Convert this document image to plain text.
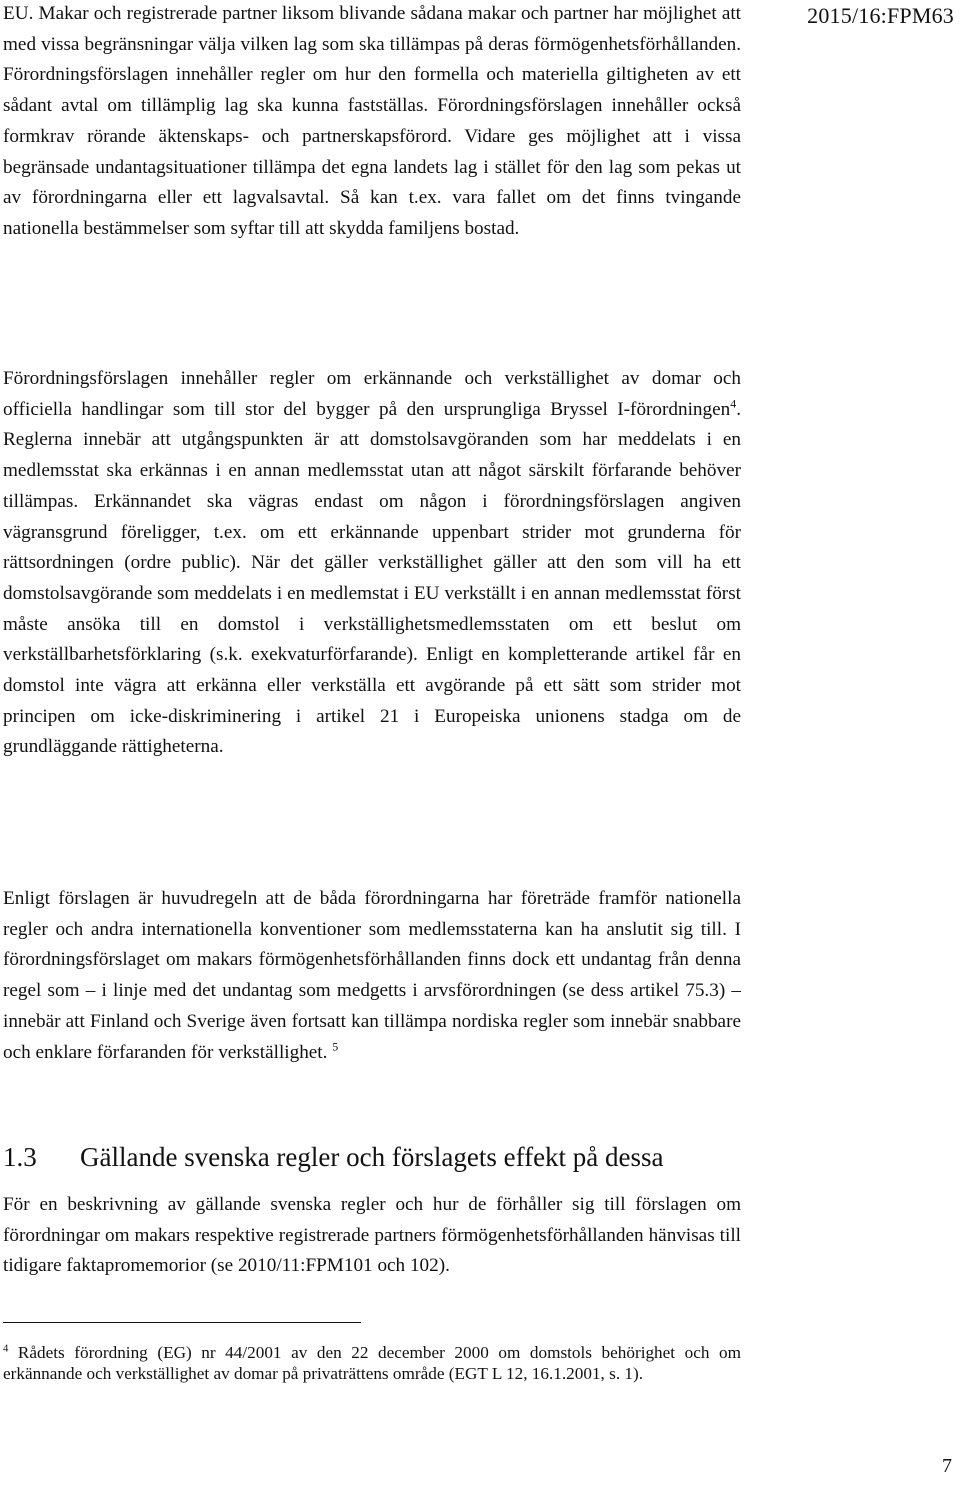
2015/16:FPM63

EU. Makar och registrerade partner liksom blivande sådana makar och partner har möjlighet att med vissa begränsningar välja vilken lag som ska tillämpas på deras förmögenhetsförhållanden. Förordningsförslagen innehåller regler om hur den formella och materiella giltigheten av ett sådant avtal om tillämplig lag ska kunna fastställas. Förordningsförslagen innehåller också formkrav rörande äktenskaps- och partnerskapsförord. Vidare ges möjlighet att i vissa begränsade undantagsituationer tillämpa det egna landets lag i stället för den lag som pekas ut av förordningarna eller ett lagvalsavtal. Så kan t.ex. vara fallet om det finns tvingande nationella bestämmelser som syftar till att skydda familjens bostad.

Förordningsförslagen innehåller regler om erkännande och verkställighet av domar och officiella handlingar som till stor del bygger på den ursprungliga Bryssel I-förordningen$^4$. Reglerna innebär att utgångspunkten är att domstolsavgöranden som har meddelats i en medlemsstat ska erkännas i en annan medlemsstat utan att något särskilt förfarande behöver tillämpas. Erkännandet ska vägras endast om någon i förordningsförslagen angiven vägransgrund föreligger, t.ex. om ett erkännande uppenbart strider mot grunderna för rättsordningen (ordre public). När det gäller verkställighet gäller att den som vill ha ett domstolsavgörande som meddelats i en medlemstat i EU verkställt i en annan medlemsstat först måste ansöka till en domstol i verkställighetsmedlemsstaten om ett beslut om verkställbarhetsförklaring (s.k. exekvaturförfarande). Enligt en kompletterande artikel får en domstol inte vägra att erkänna eller verkställa ett avgörande på ett sätt som strider mot principen om icke-diskriminering i artikel 21 i Europeiska unionens stadga om de grundläggande rättigheterna.

Enligt förslagen är huvudregeln att de båda förordningarna har företräde framför nationella regler och andra internationella konventioner som medlemsstaterna kan ha anslutit sig till. I förordningsförslaget om makars förmögenhetsförhållanden finns dock ett undantag från denna regel som – i linje med det undantag som medgetts i arvsförordningen (se dess artikel 75.3) – innebär att Finland och Sverige även fortsatt kan tillämpa nordiska regler som innebär snabbare och enklare förfaranden för verkställighet. $^5$

1.3 Gällande svenska regler och förslagets effekt på dessa

För en beskrivning av gällande svenska regler och hur de förhåller sig till förslagen om förordningar om makars respektive registrerade partners förmögenhetsförhållanden hänvisas till tidigare faktapromemorior (se 2010/11:FPM101 och 102).

$^4$ Rådets förordning (EG) nr 44/2001 av den 22 december 2000 om domstols behörighet och om erkännande och verkställighet av domar på privaträttens område (EGT L 12, 16.1.2001, s. 1).

7
